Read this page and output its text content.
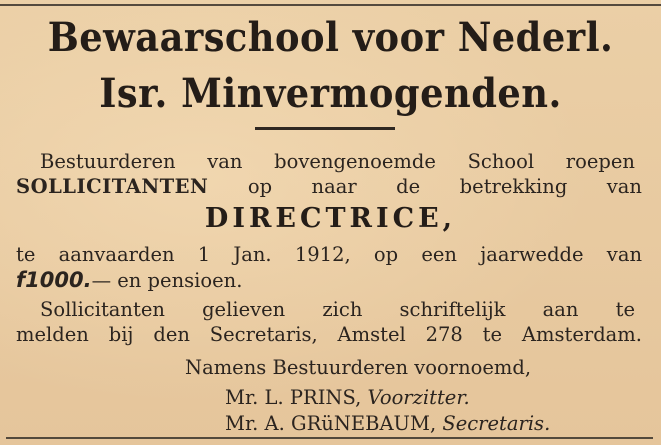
Bewaarschool voor Nederl.
Isr. Minvermogenden.
Bestuurderen van bovengenoemde School roepen
SOLLICITANTEN op naar de betrekking van
DIRECTRICE,
te aanvaarden 1 Jan. 1912, op een jaarwedde van
f1000.— en pensioen.
Sollicitanten gelieven zich schriftelijk aan te
melden bij den Secretaris, Amstel 278 te Amsterdam.
Namens Bestuurderen voornoemd,
Mr. L. PRINS, Voorzitter.
Mr. A. GRüNEBAUM, Secretaris.
